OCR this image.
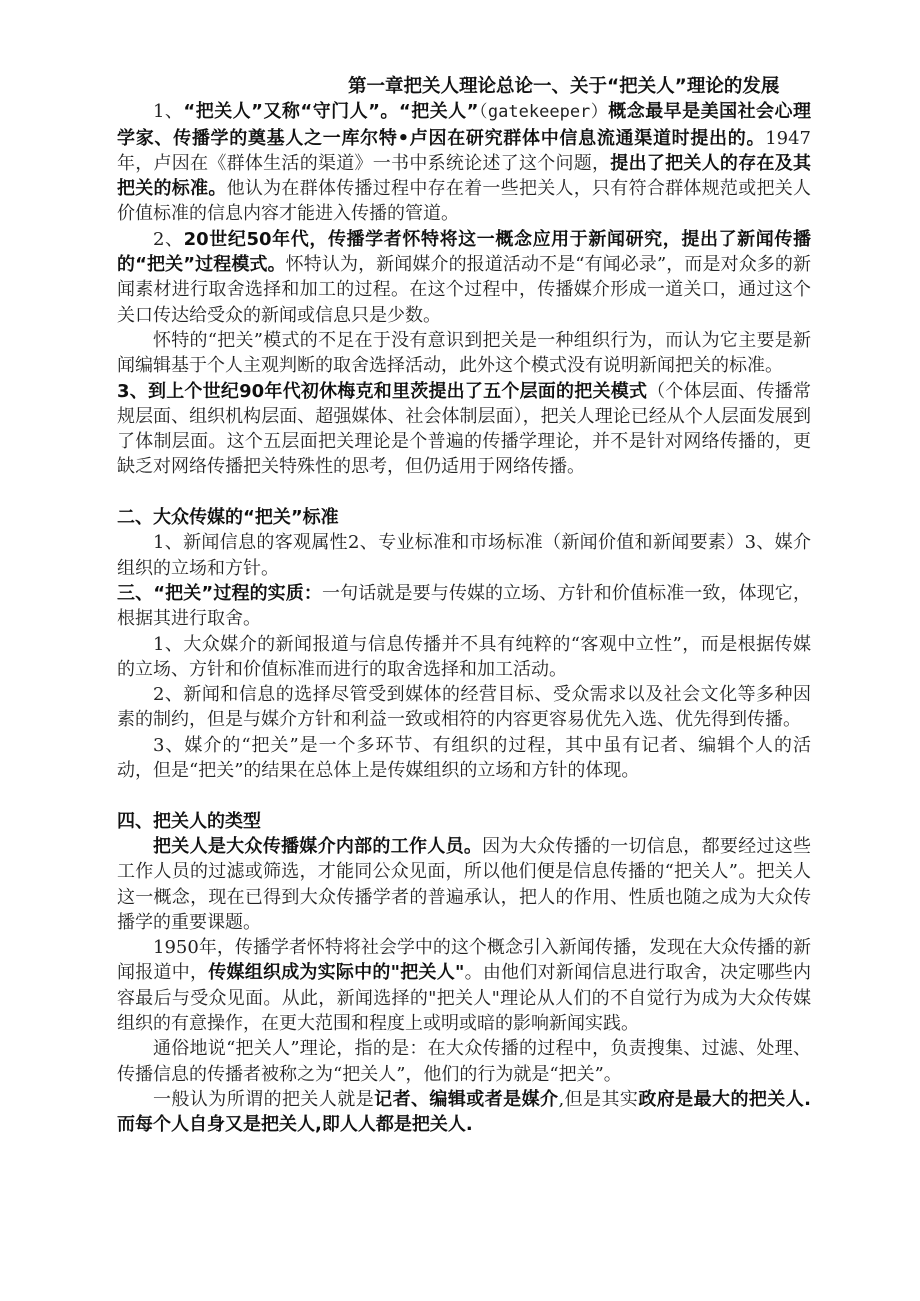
第一章把关人理论总论一、关于“把关人”理论的发展

1、“把关人”又称“守门人”。“把关人”（gatekeeper）概念最早是美国社会心理学家、传播学的奠基人之一库尔特•卢因在研究群体中信息流通渠道时提出的。1947年，卢因在《群体生活的渠道》一书中系统论述了这个问题，提出了把关人的存在及其把关的标准。他认为在群体传播过程中存在着一些把关人，只有符合群体规范或把关人价值标准的信息内容才能进入传播的管道。

2、20世纪50年代，传播学者怀特将这一概念应用于新闻研究，提出了新闻传播的“把关”过程模式。怀特认为，新闻媒介的报道活动不是“有闻必录”，而是对众多的新闻素材进行取舍选择和加工的过程。在这个过程中，传播媒介形成一道关口，通过这个关口传达给受众的新闻或信息只是少数。

怀特的“把关”模式的不足在于没有意识到把关是一种组织行为，而认为它主要是新闻编辑基于个人主观判断的取舍选择活动，此外这个模式没有说明新闻把关的标准。

3、到上个世纪90年代初休梅克和里茨提出了五个层面的把关模式（个体层面、传播常规层面、组织机构层面、超强媒体、社会体制层面），把关人理论已经从个人层面发展到了体制层面。这个五层面把关理论是个普遍的传播学理论，并不是针对网络传播的，更缺乏对网络传播把关特殊性的思考，但仍适用于网络传播。

二、大众传媒的“把关”标准

1、新闻信息的客观属性2、专业标准和市场标准（新闻价值和新闻要素）3、媒介组织的立场和方针。

三、“把关”过程的实质：一句话就是要与传媒的立场、方针和价值标准一致，体现它，根据其进行取舍。

1、大众媒介的新闻报道与信息传播并不具有纯粹的“客观中立性”，而是根据传媒的立场、方针和价值标准而进行的取舍选择和加工活动。

2、新闻和信息的选择尽管受到媒体的经营目标、受众需求以及社会文化等多种因素的制约，但是与媒介方针和利益一致或相符的内容更容易优先入选、优先得到传播。

3、媒介的“把关”是一个多环节、有组织的过程，其中虽有记者、编辑个人的活动，但是“把关”的结果在总体上是传媒组织的立场和方针的体现。

四、把关人的类型

把关人是大众传播媒介内部的工作人员。因为大众传播的一切信息，都要经过这些工作人员的过滤或筛选，才能同公众见面，所以他们便是信息传播的“把关人”。把关人这一概念，现在已得到大众传播学者的普遍承认，把人的作用、性质也随之成为大众传播学的重要课题。

1950年，传播学者怀特将社会学中的这个概念引入新闻传播，发现在大众传播的新闻报道中，传媒组织成为实际中的"把关人"。由他们对新闻信息进行取舍，决定哪些内容最后与受众见面。从此，新闻选择的"把关人"理论从人们的不自觉行为成为大众传媒组织的有意操作，在更大范围和程度上或明或暗的影响新闻实践。

通俗地说“把关人”理论，指的是：在大众传播的过程中，负责搜集、过滤、处理、传播信息的传播者被称之为“把关人”，他们的行为就是“把关”。

一般认为所谓的把关人就是记者、编辑或者是媒介,但是其实政府是最大的把关人.而每个人自身又是把关人,即人人都是把关人.
